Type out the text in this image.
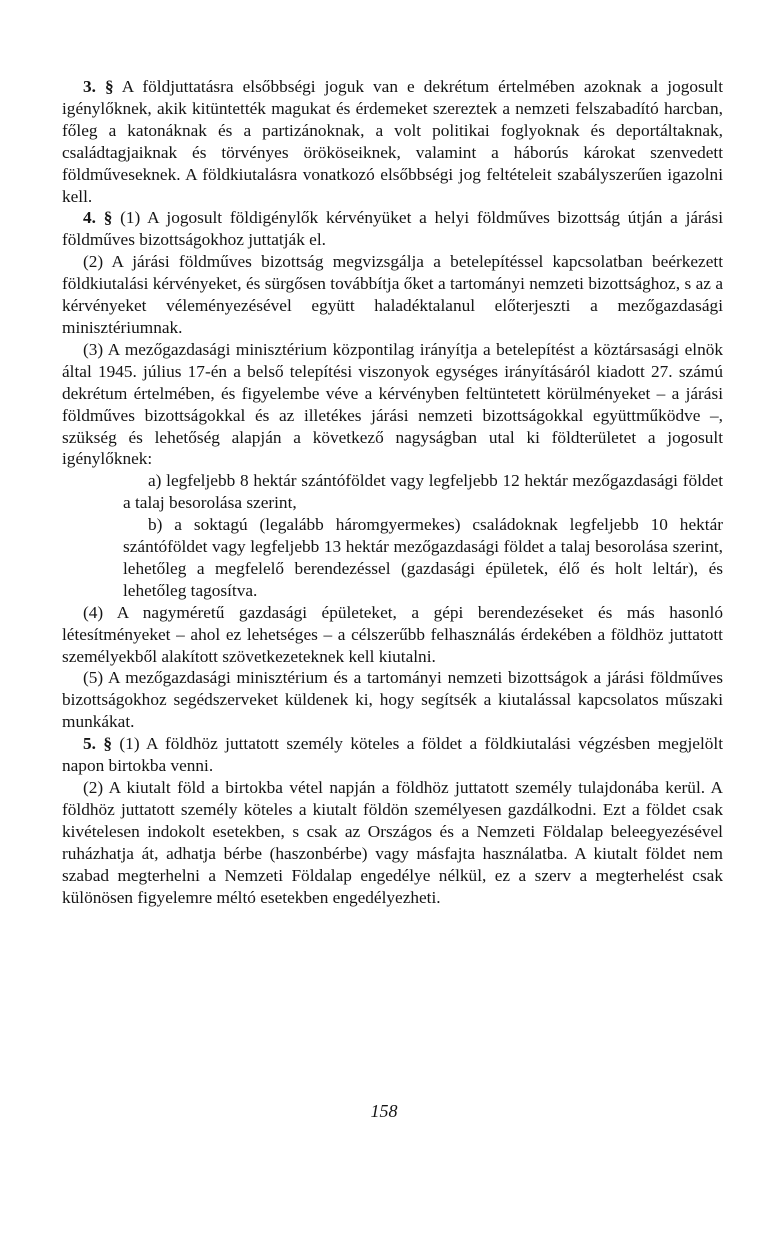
3. § A földjuttatásra elsőbbségi joguk van e dekrétum értelmében azoknak a jogosult igénylőknek, akik kitüntették magukat és érdemeket szereztek a nemzeti felszabadító harcban, főleg a katonáknak és a partizánoknak, a volt politikai foglyoknak és deportáltaknak, családtagjaiknak és törvényes örököseiknek, valamint a háborús károkat szenvedett földműveseknek. A földkiutalásra vonatkozó elsőbbségi jog feltételeit szabályszerűen igazolni kell.

4. § (1) A jogosult földigénylők kérvényüket a helyi földműves bizottság útján a járási földműves bizottságokhoz juttatják el.

(2) A járási földműves bizottság megvizsgálja a betelepítéssel kapcsolatban beérkezett földkiutalási kérvényeket, és sürgősen továbbítja őket a tartományi nemzeti bizottsághoz, s az a kérvényeket véleményezésével együtt haladéktalanul előterjeszti a mezőgazdasági minisztériumnak.

(3) A mezőgazdasági minisztérium központilag irányítja a betelepítést a köztársasági elnök által 1945. július 17-én a belső telepítési viszonyok egységes irányításáról kiadott 27. számú dekrétum értelmében, és figyelembe véve a kérvényben feltüntetett körülményeket – a járási földműves bizottságokkal és az illetékes járási nemzeti bizottságokkal együttműködve –, szükség és lehetőség alapján a következő nagyságban utal ki földterületet a jogosult igénylőknek:

a) legfeljebb 8 hektár szántóföldet vagy legfeljebb 12 hektár mezőgazdasági földet a talaj besorolása szerint,

b) a soktagú (legalább háromgyermekes) családoknak legfeljebb 10 hektár szántóföldet vagy legfeljebb 13 hektár mezőgazdasági földet a talaj besorolása szerint, lehetőleg a megfelelő berendezéssel (gazdasági épületek, élő és holt leltár), és lehetőleg tagosítva.

(4) A nagyméretű gazdasági épületeket, a gépi berendezéseket és más hasonló létesítményeket – ahol ez lehetséges – a célszerűbb felhasználás érdekében a földhöz juttatott személyekből alakított szövetkezeteknek kell kiutalni.

(5) A mezőgazdasági minisztérium és a tartományi nemzeti bizottságok a járási földműves bizottságokhoz segédszerveket küldenek ki, hogy segítsék a kiutalással kapcsolatos műszaki munkákat.

5. § (1) A földhöz juttatott személy köteles a földet a földkiutalási végzésben megjelölt napon birtokba venni.

(2) A kiutalt föld a birtokba vétel napján a földhöz juttatott személy tulajdonába kerül. A földhöz juttatott személy köteles a kiutalt földön személyesen gazdálkodni. Ezt a földet csak kivételesen indokolt esetekben, s csak az Országos és a Nemzeti Földalap beleegyezésével ruházhatja át, adhatja bérbe (haszonbérbe) vagy másfajta használatba. A kiutalt földet nem szabad megterhelni a Nemzeti Földalap engedélye nélkül, ez a szerv a megterhelést csak különösen figyelemre méltó esetekben engedélyezheti.

158
